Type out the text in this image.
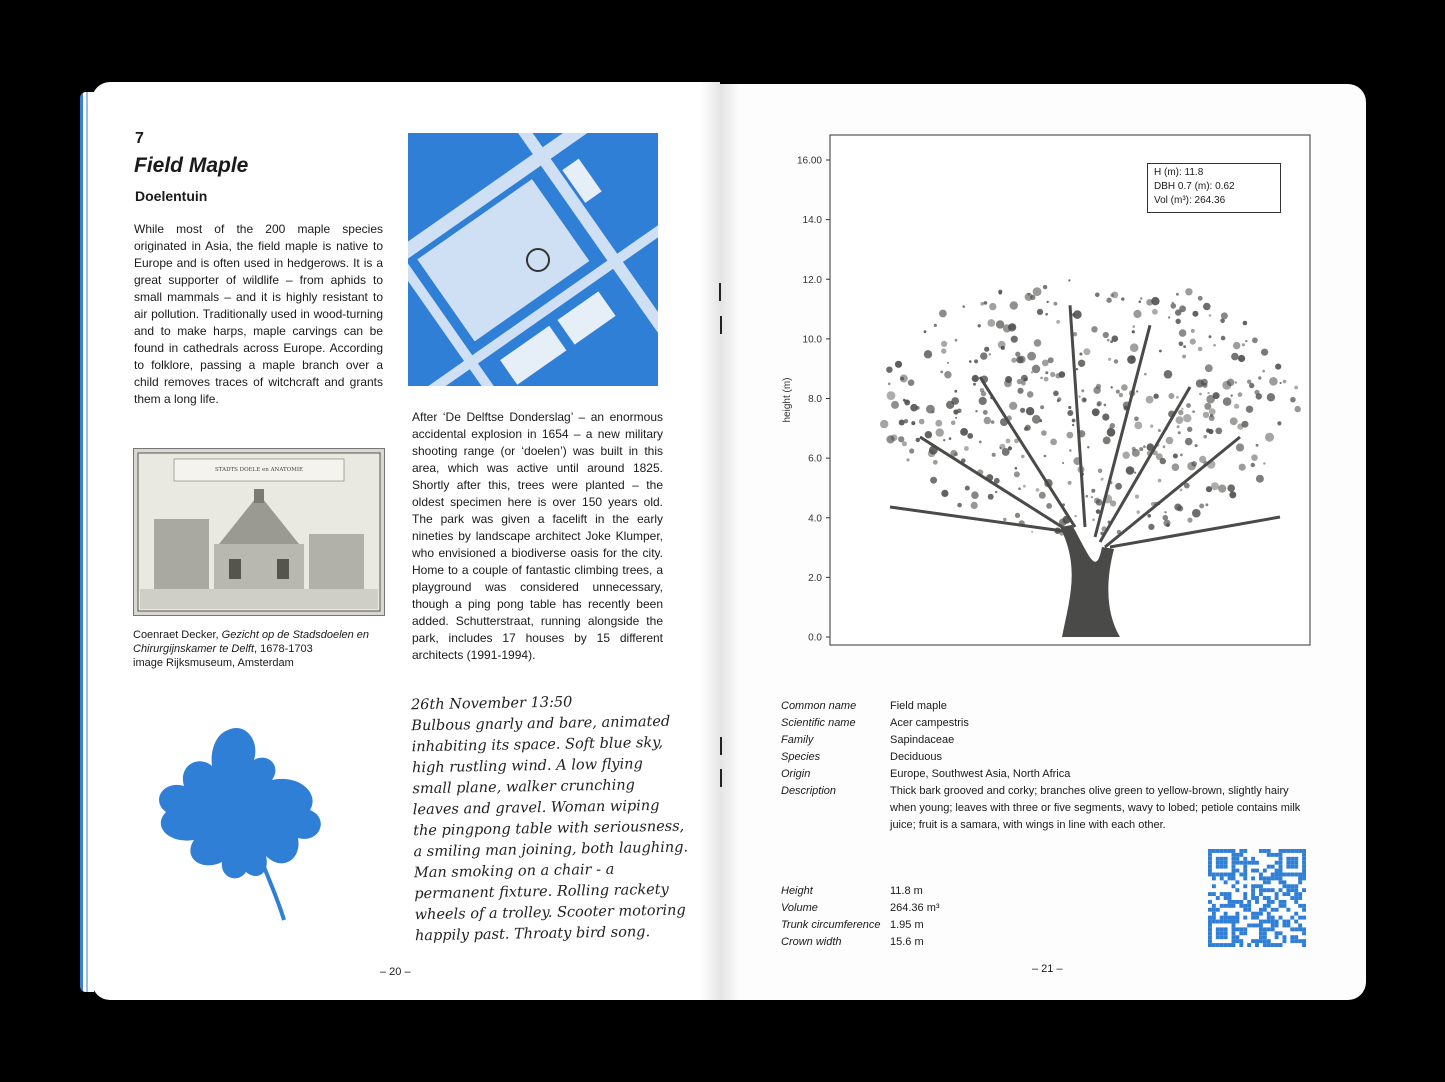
7
Field Maple
Doelentuin
While most of the 200 maple species originated in Asia, the field maple is native to Europe and is often used in hedgerows. It is a great supporter of wildlife – from aphids to small mammals – and it is highly resistant to air pollution. Traditionally used in wood-turning and to make harps, maple carvings can be found in cathedrals across Europe. According to folklore, passing a maple branch over a child removes traces of witchcraft and grants them a long life.
After ‘De Delftse Donderslag’ – an enormous accidental explosion in 1654 – a new military shooting range (or ‘doelen’) was built in this area, which was active until around 1825. Shortly after this, trees were planted – the oldest specimen here is over 150 years old. The park was given a facelift in the early nineties by landscape architect Joke Klumper, who envisioned a biodiverse oasis for the city. Home to a couple of fantastic climbing trees, a playground was considered unnecessary, though a ping pong table has recently been added. Schutterstraat, running alongside the park, includes 17 houses by 15 different architects (1991-1994).
STADTS DOELE en ANATOMIE
Coenraet Decker, Gezicht op de Stadsdoelen en Chirurgijnskamer te Delft, 1678-1703
image Rijksmuseum, Amsterdam
26th November 13:50
Bulbous gnarly and bare, animated
inhabiting its space. Soft blue sky,
high rustling wind. A low flying
small plane, walker crunching
leaves and gravel. Woman wiping
the pingpong table with seriousness,
a smiling man joining, both laughing.
Man smoking on a chair - a
permanent fixture. Rolling rackety
wheels of a trolley. Scooter motoring
happily past. Throaty bird song.
– 20 –
0.0
2.0
4.0
6.0
8.0
10.0
12.0
14.0
16.00
height (m)
H (m): 11.8
DBH 0.7 (m): 0.62
Vol (m³): 264.36
Common name	Field maple
Scientific name	Acer campestris
Family	Sapindaceae
Species	Deciduous
Origin	Europe, Southwest Asia, North Africa
Description	Thick bark grooved and corky; branches olive green to yellow-brown, slightly hairy when young; leaves with three or five segments, wavy to lobed; petiole contains milk juice; fruit is a samara, with wings in line with each other.
Height	11.8 m
Volume	264.36 m³
Trunk circumference 1.95 m
Crown width	15.6 m
– 21 –
